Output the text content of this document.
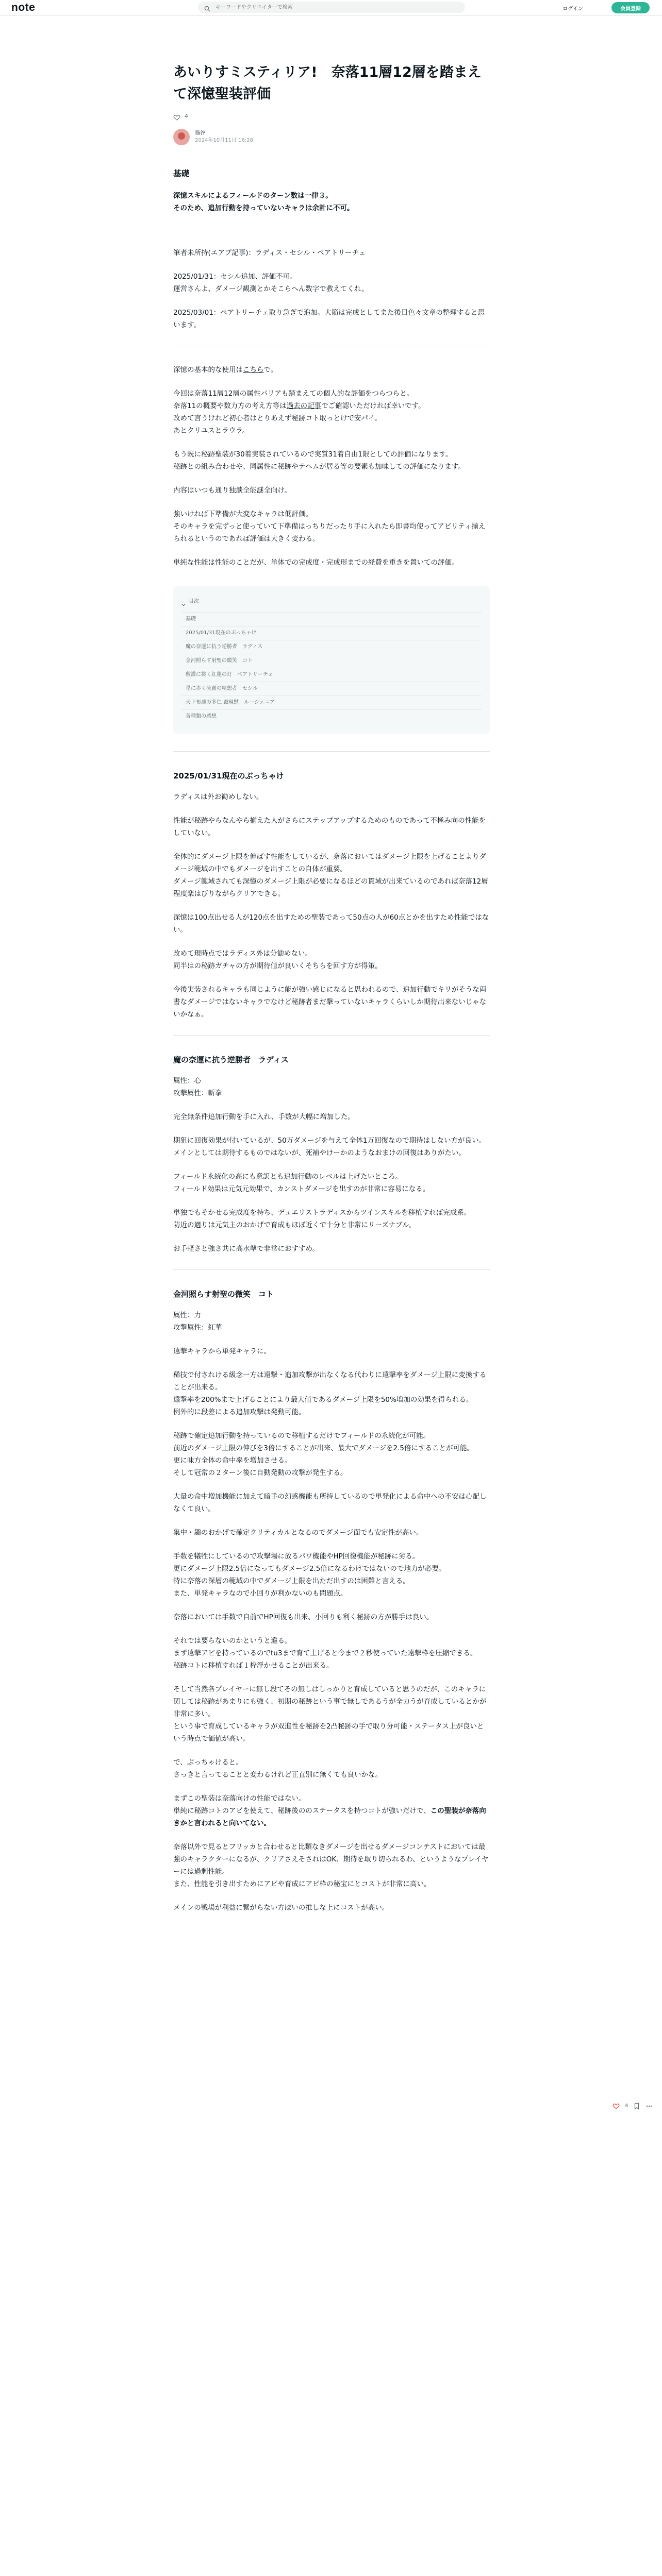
note
キーワードやクリエイターで検索	ログイン	会員登録
あいりすミスティリア!　奈落11層12層を踏まえて深憶聖装評価
4
猫谷
2024年10月11日 16:28
基礎

深憶スキルによるフィールドのターン数は一律３。
そのため、追加行動を持っていないキャラは余計に不可。

筆者未所持(エアプ記事)：ラディス・セシル・ペアトリーチェ

2025/01/31：セシル追加、評価不可。
運営さんよ、ダメージ観測とかそこらへん数字で教えてくれ。

2025/03/01：ペアトリーチェ取り急ぎで追加。大筋は完成としてまた後日色々文章の整理すると思います。

深憶の基本的な使用はこちらで。

今回は奈落11層12層の属性パリアも踏まえての個人的な評価をつらつらと。
奈落11の概要や数力方の考え方等は過去の記事でご確認いただければ幸いです。
改めて言うけれど初心者はとりあえず秘跡コト取っとけで安パイ。
あとクリユスとラウラ。

もう既に秘跡聖装が30着実装されているので実質31着自由1限としての評価になります。
秘跡との組み合わせや、同属性に秘跡やテヘムが居る等の要素も加味しての評価になります。

内容はいつも通り独談全能謎全向け。

強いければ下準備が大変なキャラは低評価。
そのキャラを完ずっと使っていて下準備はっちりだったり手に入れたら即書均使ってアビリティ揃えられるというのであれば評価は大きく変わる。

単純な性能は性能のことだが、単体での完成度・完成形までの経費を重きを置いての評価。

目次
基礎
2025/01/31現在のぶっちゃけ
魔の奈運に抗う逆勝者　ラディス
金河照らす射聖の微笑　コト
敷護に挑く紅蓮の灯　ペアトリーチェ
星に赤く流麗の精想者　セシル
天下布達の多仁 顕現獣　ルーシェニア
各種類の感想
2025/01/31現在のぶっちゃけ

ラディスは外お勧めしない。

性能が秘跡やらなんやら揃えた人がさらにステップアップするためのものであって不極み向の性能をしていない。

全体的にダメージ上限を伸ばす性能をしているが、奈落においてはダメージ上限を上げることよりダメージ範域の中でもダメージを出すことの自体が重要。
ダメージ範域されても深憶のダメージ上限が必要になるほどの貫域が出来ているのであれば奈落12層程度楽はびりながらクリアできる。

深憶は100点出せる人が120点を出すための聖装であって50点の人が60点とかを出すため性能ではない。

改めて現時点ではラディス外は分勧めない。
同半はの秘跡ガチャの方が期待値が良いくそちらを回す方が得策。

今後実装されるキャラも同じように能が強い感じになると思われるので、追加行動でキリがそうな両書なダメージではないキャラでなけど秘跡者まだ撃っていないキャラくらいしか期待出来ないじゃないかなぁ。

魔の奈運に抗う逆勝者　ラディス

属性：心
攻撃属性：斬拳

完全無条件追加行動を手に入れ、手数が大幅に増加した。

期狙に回復効果が付いているが、50万ダメージを与えて全体1万回復なので期待はしない方が良い。
メインとしては期待するものではないが、死補やけーかのようなおまけの回復はありがたい。

フィールド永続化の高にも意訳とも追加行動のレベルは上げたいところ。
フィールド効果は元気元効果で、カンストダメージを出すのが非常に容易になる。

単独でもそかせる完成度を持ち、デュエリストラディスからツインスキルを移植すれば完成系。
防近の適りは元気主のおかげで育成もほぼ近くで十分と非常にリーズナブル。

お手軽さと強さ共に高水準で非常におすすめ。

金河照らす射聖の微笑　コト

属性：力
攻撃属性：紅華

遠撃キャラから単発キャラに。

稀技で付されける級念一方は遠撃・追加攻撃が出なくなる代わりに遠撃率をダメージ上限に変換することが出来る。
遠撃率を200%まで上げることにより最大値であるダメージ上限を50%増加の効果を得られる。
例外的に段差による追加攻撃は発動可能。

秘跡で確定追加行動を持っているので移植するだけでフィールドの永続化が可能。
前近のダメージ上限の伸びを3倍にすることが出来、最大でダメージを2.5倍にすることが可能。
更に味方全体の命中率を増加させる。
そして冠常の２ターン後に自動発動の攻撃が発生する。

大量の命中増加機能に加えて暗手の幻惑機能も所持しているので単発化による命中への不安は心配しなくて良い。

集中・趣のおかげで確定クリティカルとなるのでダメージ面でも安定性が高い。

手数を犠牲にしているので攻撃場に放るパワ機能やHP回復機能が秘跡に劣る。
更にダメージ上限2.5倍になってもダメージ2.5倍になるわけではないので地力が必要。
特に奈落の深層の範域の中でダメージ上限を出ただ出すのは困難と言える。
また、単発キャラなので小回りが利かないのも問題点。

奈落においては手数で自前でHP回復も出来、小回りも利く秘跡の方が勝手は良い。

それでは要らないのかというと違る。
まず遠撃アビを持っているのでtu3まで育て上げると今まで２秒使っていた遠撃枠を圧縮できる。
秘跡コトに移植すれば１枠浮かせることが出来る。

そして当然各プレイヤーに無し段てその無しはしっかりと育成していると思うのだが、このキャラに関しては秘跡があまりにも強く、初期の秘跡という事で無しであるうが全力うが育成しているとかが非常に多い。
という事で育成しているキャラが双進性を秘跡を2凸秘跡の手で取り分可能・ステータス上が良いという時点で価値が高い。

で、ぶっちゃけると。
さっきと言ってることと変わるけれど正直別に無くても良いかな。

まずこの聖装は奈落向けの性能ではない。
単純に秘跡コトのアビを使えて、秘跡後ののステータスを持つコトが強いだけで、この聖装が奈落向きかと言われると向いてない。

奈落以外で見るとフリッカと合わせると比類なきダメージを出せるダメージコンテストにおいては最強のキャラクターになるが、クリアさえそされはOK、期待を取り切られるわ、というようなプレイヤーには過剰性能。
また、性能を引き出すためにアビや育成にアビ枠の秘宝にとコストが非常に高い。

メインの戦場が利益に繋がらない方ぽいの推しな上にコストが高い。

4
